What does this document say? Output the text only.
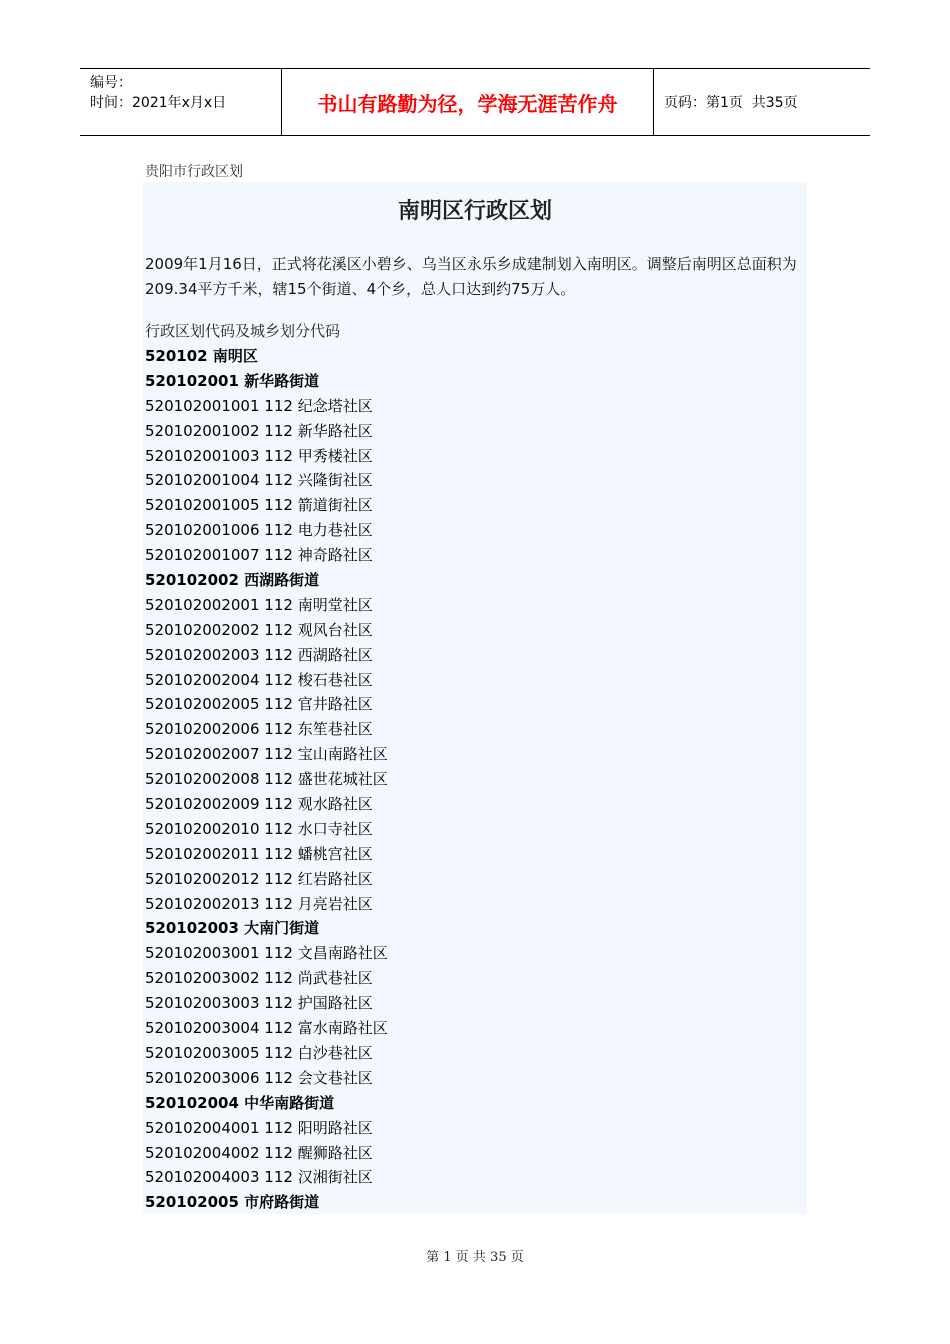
编号：
时间：2021年x月x日	书山有路勤为径，学海无涯苦作舟	页码：第1页  共35页
贵阳市行政区划
南明区行政区划
2009年1月16日，正式将花溪区小碧乡、乌当区永乐乡成建制划入南明区。调整后南明区总面积为209.34平方千米，辖15个街道、4个乡，总人口达到约75万人。
行政区划代码及城乡划分代码
520102 南明区
520102001 新华路街道
520102001001 112 纪念塔社区
520102001002 112 新华路社区
520102001003 112 甲秀楼社区
520102001004 112 兴隆街社区
520102001005 112 箭道街社区
520102001006 112 电力巷社区
520102001007 112 神奇路社区
520102002 西湖路街道
520102002001 112 南明堂社区
520102002002 112 观风台社区
520102002003 112 西湖路社区
520102002004 112 梭石巷社区
520102002005 112 官井路社区
520102002006 112 东笙巷社区
520102002007 112 宝山南路社区
520102002008 112 盛世花城社区
520102002009 112 观水路社区
520102002010 112 水口寺社区
520102002011 112 蟠桃宫社区
520102002012 112 红岩路社区
520102002013 112 月亮岩社区
520102003 大南门街道
520102003001 112 文昌南路社区
520102003002 112 尚武巷社区
520102003003 112 护国路社区
520102003004 112 富水南路社区
520102003005 112 白沙巷社区
520102003006 112 会文巷社区
520102004 中华南路街道
520102004001 112 阳明路社区
520102004002 112 醒狮路社区
520102004003 112 汉湘街社区
520102005 市府路街道
第 1 页 共 35 页
